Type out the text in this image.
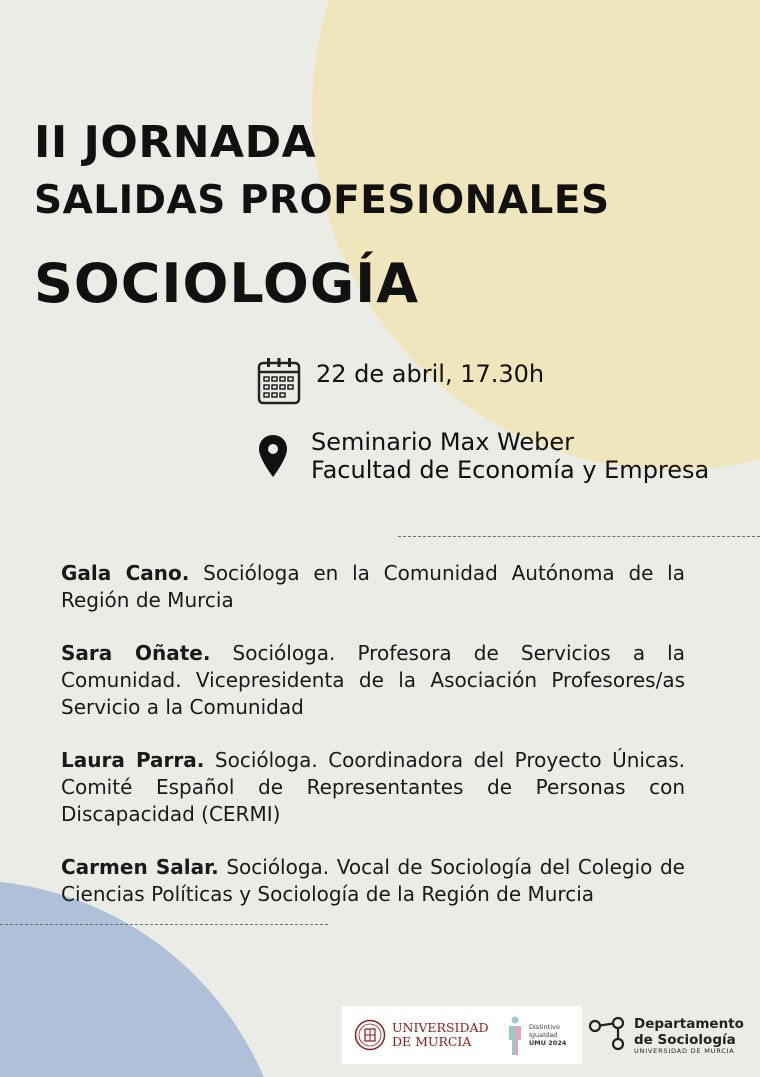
II JORNADA
SALIDAS PROFESIONALES
SOCIOLOGÍA
22 de abril, 17.30h
Seminario Max Weber
Facultad de Economía y Empresa

Gala Cano. Socióloga en la Comunidad Autónoma de la Región de Murcia

Sara Oñate. Socióloga. Profesora de Servicios a la Comunidad. Vicepresidenta de la Asociación Profesores/as Servicio a la Comunidad

Laura Parra. Socióloga. Coordinadora del Proyecto Únicas. Comité Español de Representantes de Personas con Discapacidad (CERMI)

Carmen Salar. Socióloga. Vocal de Sociología del Colegio de Ciencias Políticas y Sociología de la Región de Murcia

UNIVERSIDAD
DE MURCIA
Distintivo
Igualdad
UMU 2024
Departamento
de Sociología
UNIVERSIDAD DE MURCIA
